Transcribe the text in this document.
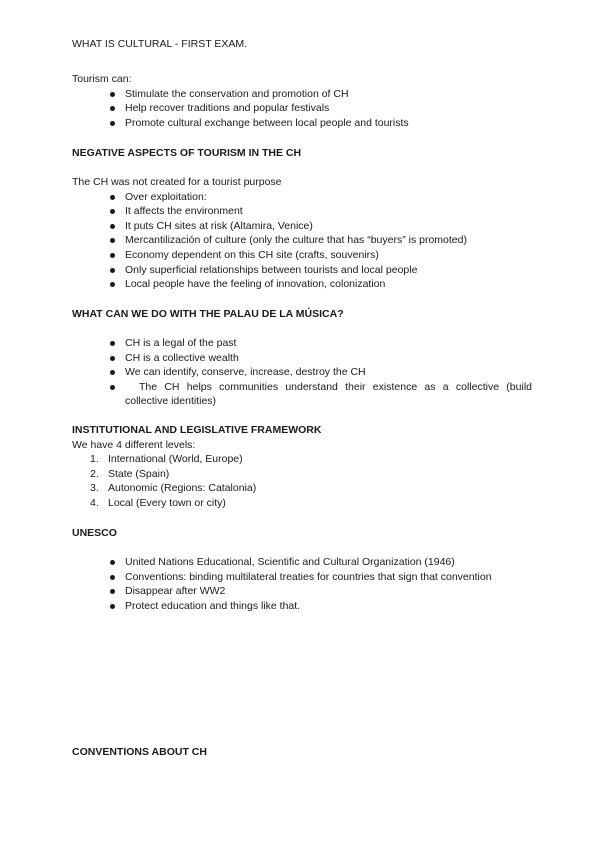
WHAT IS CULTURAL - FIRST EXAM.
Tourism can:
Stimulate the conservation and promotion of CH
Help recover traditions and popular festivals
Promote cultural exchange between local people and tourists
NEGATIVE ASPECTS OF TOURISM IN THE CH
The CH was not created for a tourist purpose
Over exploitation:
It affects the environment
It puts CH sites at risk (Altamira, Venice)
Mercantilización of culture (only the culture that has “buyers” is promoted)
Economy dependent on this CH site (crafts, souvenirs)
Only superficial relationships between tourists and local people
Local people have the feeling of innovation, colonization
WHAT CAN WE DO WITH THE PALAU DE LA MÚSICA?
CH is a legal of the past
CH is a collective wealth
We can identify, conserve, increase, destroy the CH
The CH helps communities understand their existence as a collective (build collective identities)
INSTITUTIONAL AND LEGISLATIVE FRAMEWORK
We have 4 different levels:
1. International (World, Europe)
2. State (Spain)
3. Autonomic (Regions: Catalonia)
4. Local (Every town or city)
UNESCO
United Nations Educational, Scientific and Cultural Organization (1946)
Conventions: binding multilateral treaties for countries that sign that convention
Disappear after WW2
Protect education and things like that.
CONVENTIONS ABOUT CH
